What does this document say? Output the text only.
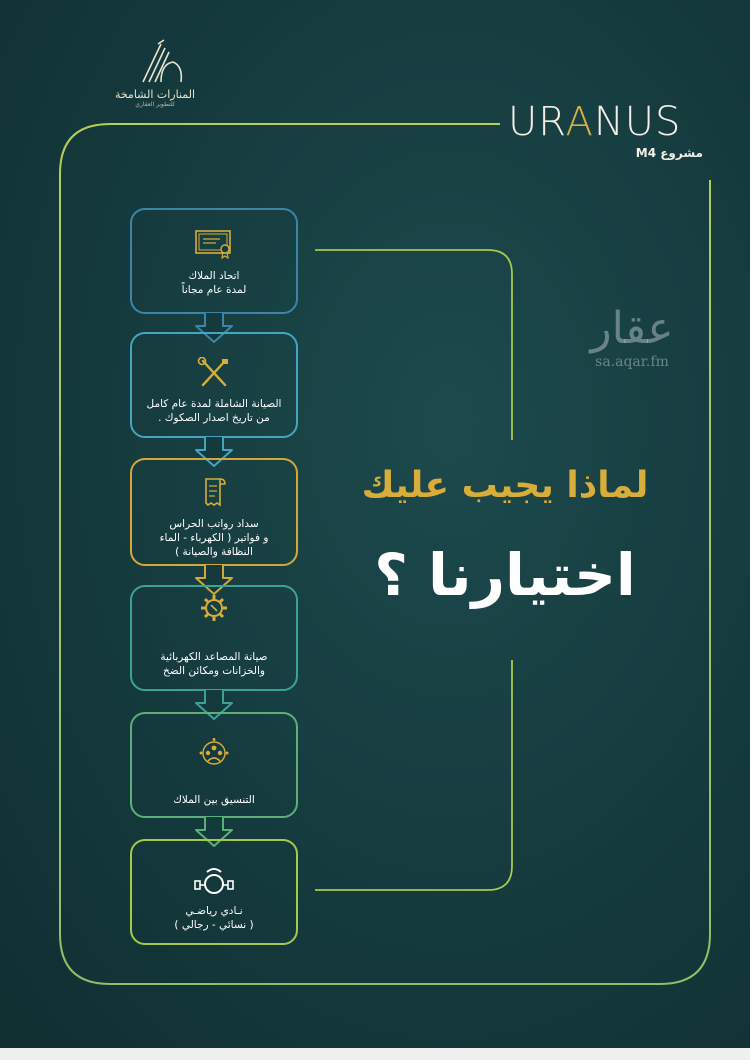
المنارات الشامخة
للتطوير العقاري	URANUS
مشروع M4
عقار
sa.aqar.fm
لماذا يجيب عليك
اختيارنا ؟
اتحاد الملاك
لمدة عام مجاناً
الصيانة الشاملة لمدة عام كامل
من تاريخ اصدار الصكوك .
سداد رواتب الحراس
و فواتير ( الكهرباء - الماء
النظافة والصيانة )
صيانة المصاعد الكهربائية
والخزانات ومكائن الضخ
التنسيق بين الملاك
نـادي رياضـي
( نسائي - رجالي )
